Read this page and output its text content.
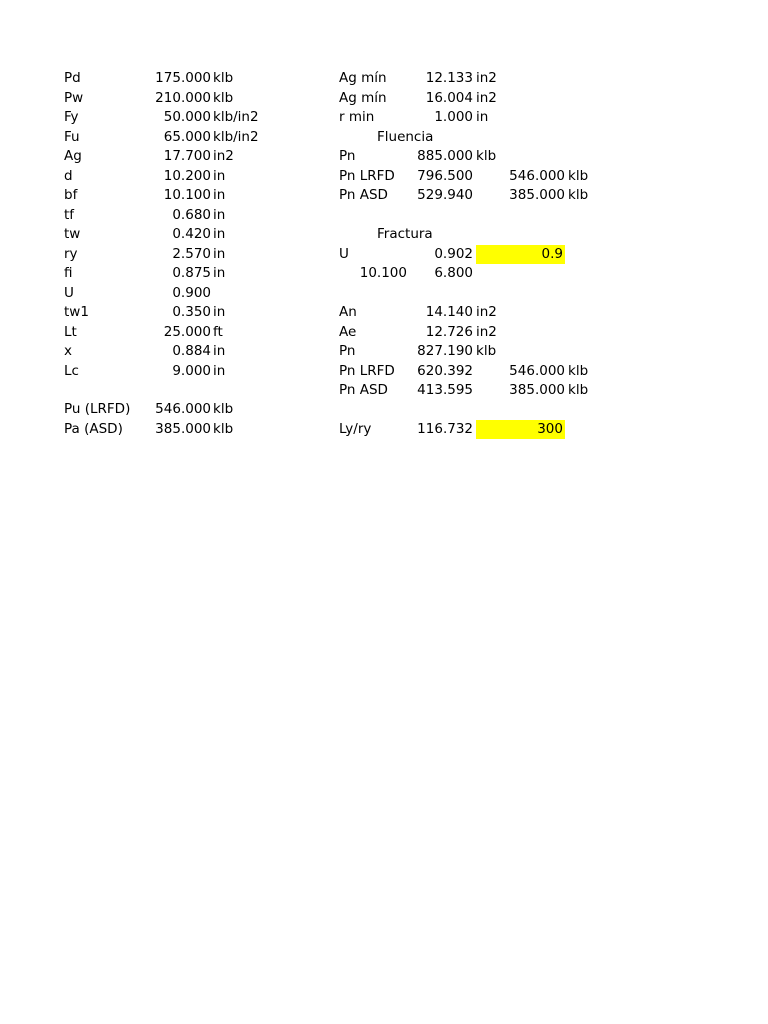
Pd	175.000 klb
Pw	210.000 klb
Fy	50.000 klb/in2
Fu	65.000 klb/in2
Ag	17.700 in2
d	10.200 in
bf	10.100 in
tf	0.680 in
tw	0.420 in
ry	2.570 in
fi	0.875 in
U	0.900
tw1	0.350 in
Lt	25.000 ft
x	0.884 in
Lc	9.000 in
Pu (LRFD)	546.000 klb
Pa (ASD)	385.000 klb
Ag mín	12.133 in2
Ag mín	16.004 in2
r min	1.000 in
Fluencia
Pn	885.000 klb
Pn LRFD	796.500	546.000 klb
Pn ASD	529.940	385.000 klb
Fractura
U	0.902	0.9
10.100	6.800
An	14.140 in2
Ae	12.726 in2
Pn	827.190 klb
Pn LRFD	620.392	546.000 klb
Pn ASD	413.595	385.000 klb
Ly/ry	116.732	300
